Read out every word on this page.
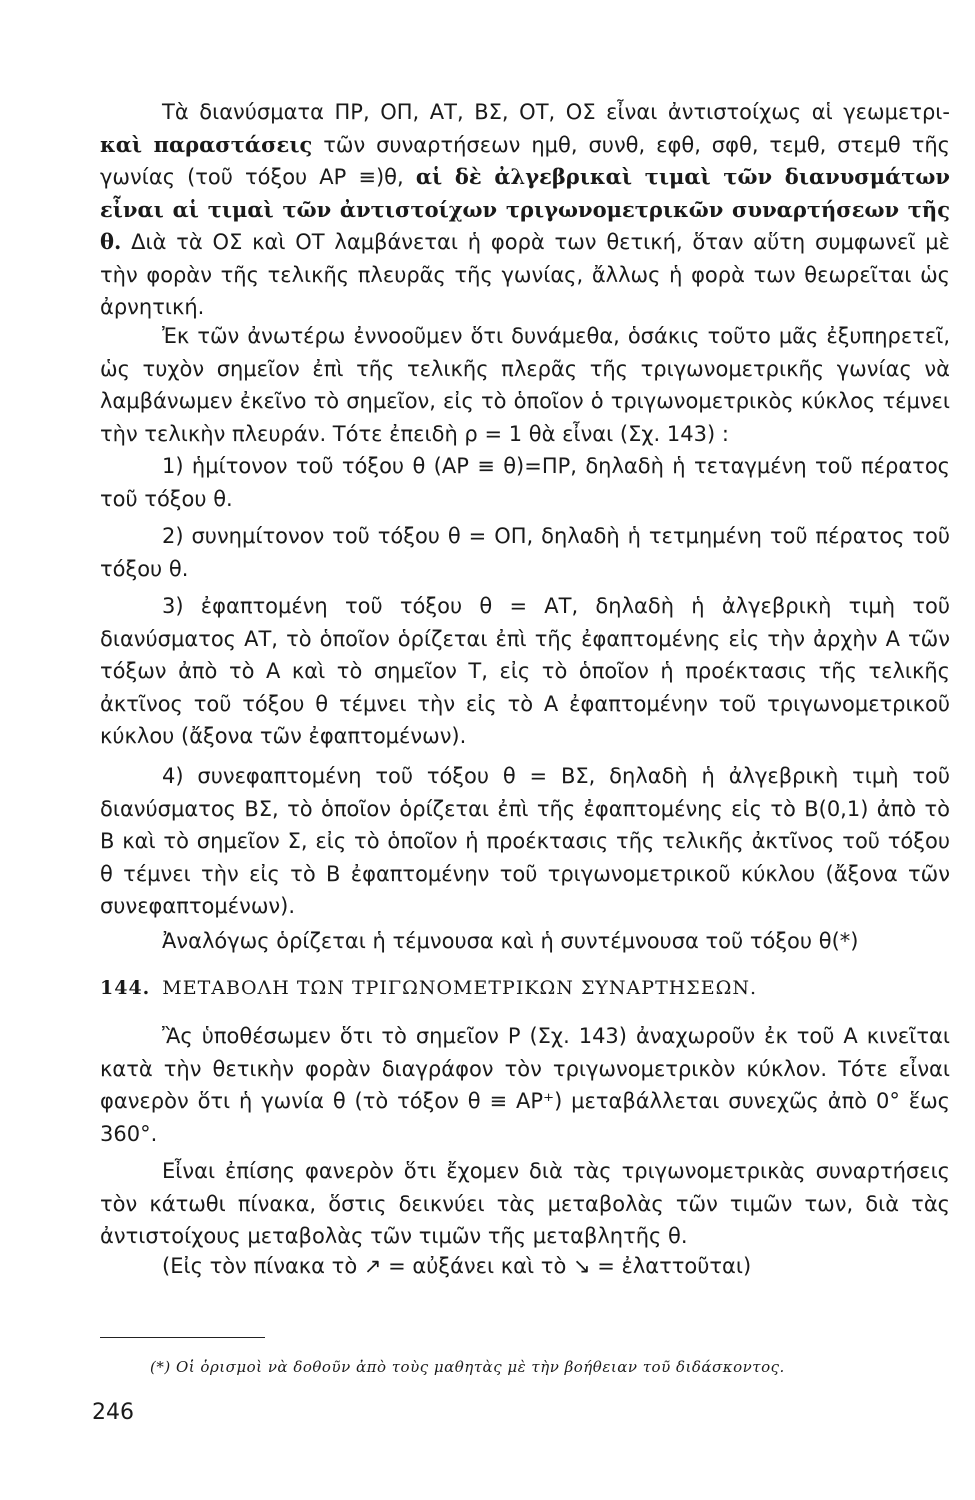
Τὰ διανύσματα ΠΡ, ΟΠ, ΑΤ, ΒΣ, ΟΤ, ΟΣ εἶναι ἀντιστοίχως αἱ γεωμετρι- καὶ παραστάσεις τῶν συναρτήσεων ημθ, συνθ, εφθ, σφθ, τεμθ, στεμθ τῆς γωνίας (τοῦ τόξου ΑΡ ≡)θ, αἱ δὲ ἀλγεβρικαὶ τιμαὶ τῶν διανυσμάτων εἶναι αἱ τιμαὶ τῶν ἀντιστοίχων τριγωνομετρικῶν συναρτήσεων τῆς θ. Διὰ τὰ ΟΣ καὶ ΟΤ λαμβάνεται ἡ φορὰ των θετική, ὅταν αὕτη συμφωνεῖ μὲ τὴν φορὰν τῆς τελικῆς πλευρᾶς τῆς γωνίας, ἄλλως ἡ φορὰ των θεωρεῖται ὡς ἀρνητική.

Ἐκ τῶν ἀνωτέρω ἐννοοῦμεν ὅτι δυνάμεθα, ὁσάκις τοῦτο μᾶς ἐξυπηρετεῖ, ὡς τυχὸν σημεῖον ἐπὶ τῆς τελικῆς πλερᾶς τῆς τριγωνομετρικῆς γωνίας νὰ λαμβάνωμεν ἐκεῖνο τὸ σημεῖον, εἰς τὸ ὁποῖον ὁ τριγωνομετρικὸς κύκλος τέμνει τὴν τελικὴν πλευράν. Τότε ἐπειδὴ ρ = 1 θὰ εἶναι (Σχ. 143) :

1) ἡμίτονον τοῦ τόξου θ (ΑΡ ≡ θ)=ΠΡ, δηλαδὴ ἡ τεταγμένη τοῦ πέρατος τοῦ τόξου θ.

2) συνημίτονον τοῦ τόξου θ = ΟΠ, δηλαδὴ ἡ τετμημένη τοῦ πέρατος τοῦ τόξου θ.

3) ἐφαπτομένη τοῦ τόξου θ = ΑΤ, δηλαδὴ ἡ ἀλγεβρικὴ τιμὴ τοῦ διανύσματος ΑΤ, τὸ ὁποῖον ὁρίζεται ἐπὶ τῆς ἐφαπτομένης εἰς τὴν ἀρχὴν Α τῶν τόξων ἀπὸ τὸ Α καὶ τὸ σημεῖον Τ, εἰς τὸ ὁποῖον ἡ προέκτασις τῆς τελικῆς ἀκτῖνος τοῦ τόξου θ τέμνει τὴν εἰς τὸ Α ἐφαπτομένην τοῦ τριγωνομετρικοῦ κύκλου (ἄξονα τῶν ἐφαπτομένων).

4) συνεφαπτομένη τοῦ τόξου θ = ΒΣ, δηλαδὴ ἡ ἀλγεβρικὴ τιμὴ τοῦ διανύσματος ΒΣ, τὸ ὁποῖον ὁρίζεται ἐπὶ τῆς ἐφαπτομένης εἰς τὸ Β(0,1) ἀπὸ τὸ Β καὶ τὸ σημεῖον Σ, εἰς τὸ ὁποῖον ἡ προέκτασις τῆς τελικῆς ἀκτῖνος τοῦ τόξου θ τέμνει τὴν εἰς τὸ Β ἐφαπτομένην τοῦ τριγωνομετρικοῦ κύκλου (ἄξονα τῶν συνεφαπτομένων).

Ἀναλόγως ὁρίζεται ἡ τέμνουσα καὶ ἡ συντέμνουσα τοῦ τόξου θ(*)

144. ΜΕΤΑΒΟΛΗ ΤΩΝ ΤΡΙΓΩΝΟΜΕΤΡΙΚΩΝ ΣΥΝΑΡΤΗΣΕΩΝ.

Ἂς ὑποθέσωμεν ὅτι τὸ σημεῖον Ρ (Σχ. 143) ἀναχωροῦν ἐκ τοῦ Α κινεῖται κατὰ τὴν θετικὴν φορὰν διαγράφον τὸν τριγωνομετρικὸν κύκλον. Τότε εἶναι φανερὸν ὅτι ἡ γωνία θ (τὸ τόξον θ ≡ ΑΡ⁺) μεταβάλλεται συνεχῶς ἀπὸ 0° ἕως 360°.

Εἶναι ἐπίσης φανερὸν ὅτι ἔχομεν διὰ τὰς τριγωνομετρικὰς συναρτήσεις τὸν κάτωθι πίνακα, ὅστις δεικνύει τὰς μεταβολὰς τῶν τιμῶν των, διὰ τὰς ἀντιστοίχους μεταβολὰς τῶν τιμῶν τῆς μεταβλητῆς θ.

(Εἰς τὸν πίνακα τὸ ↗ = αὐξάνει καὶ τὸ ↘ = ἐλαττοῦται)

(*) Οἱ ὁρισμοὶ νὰ δοθοῦν ἀπὸ τοὺς μαθητὰς μὲ τὴν βοήθειαν τοῦ διδάσκοντος.

246
